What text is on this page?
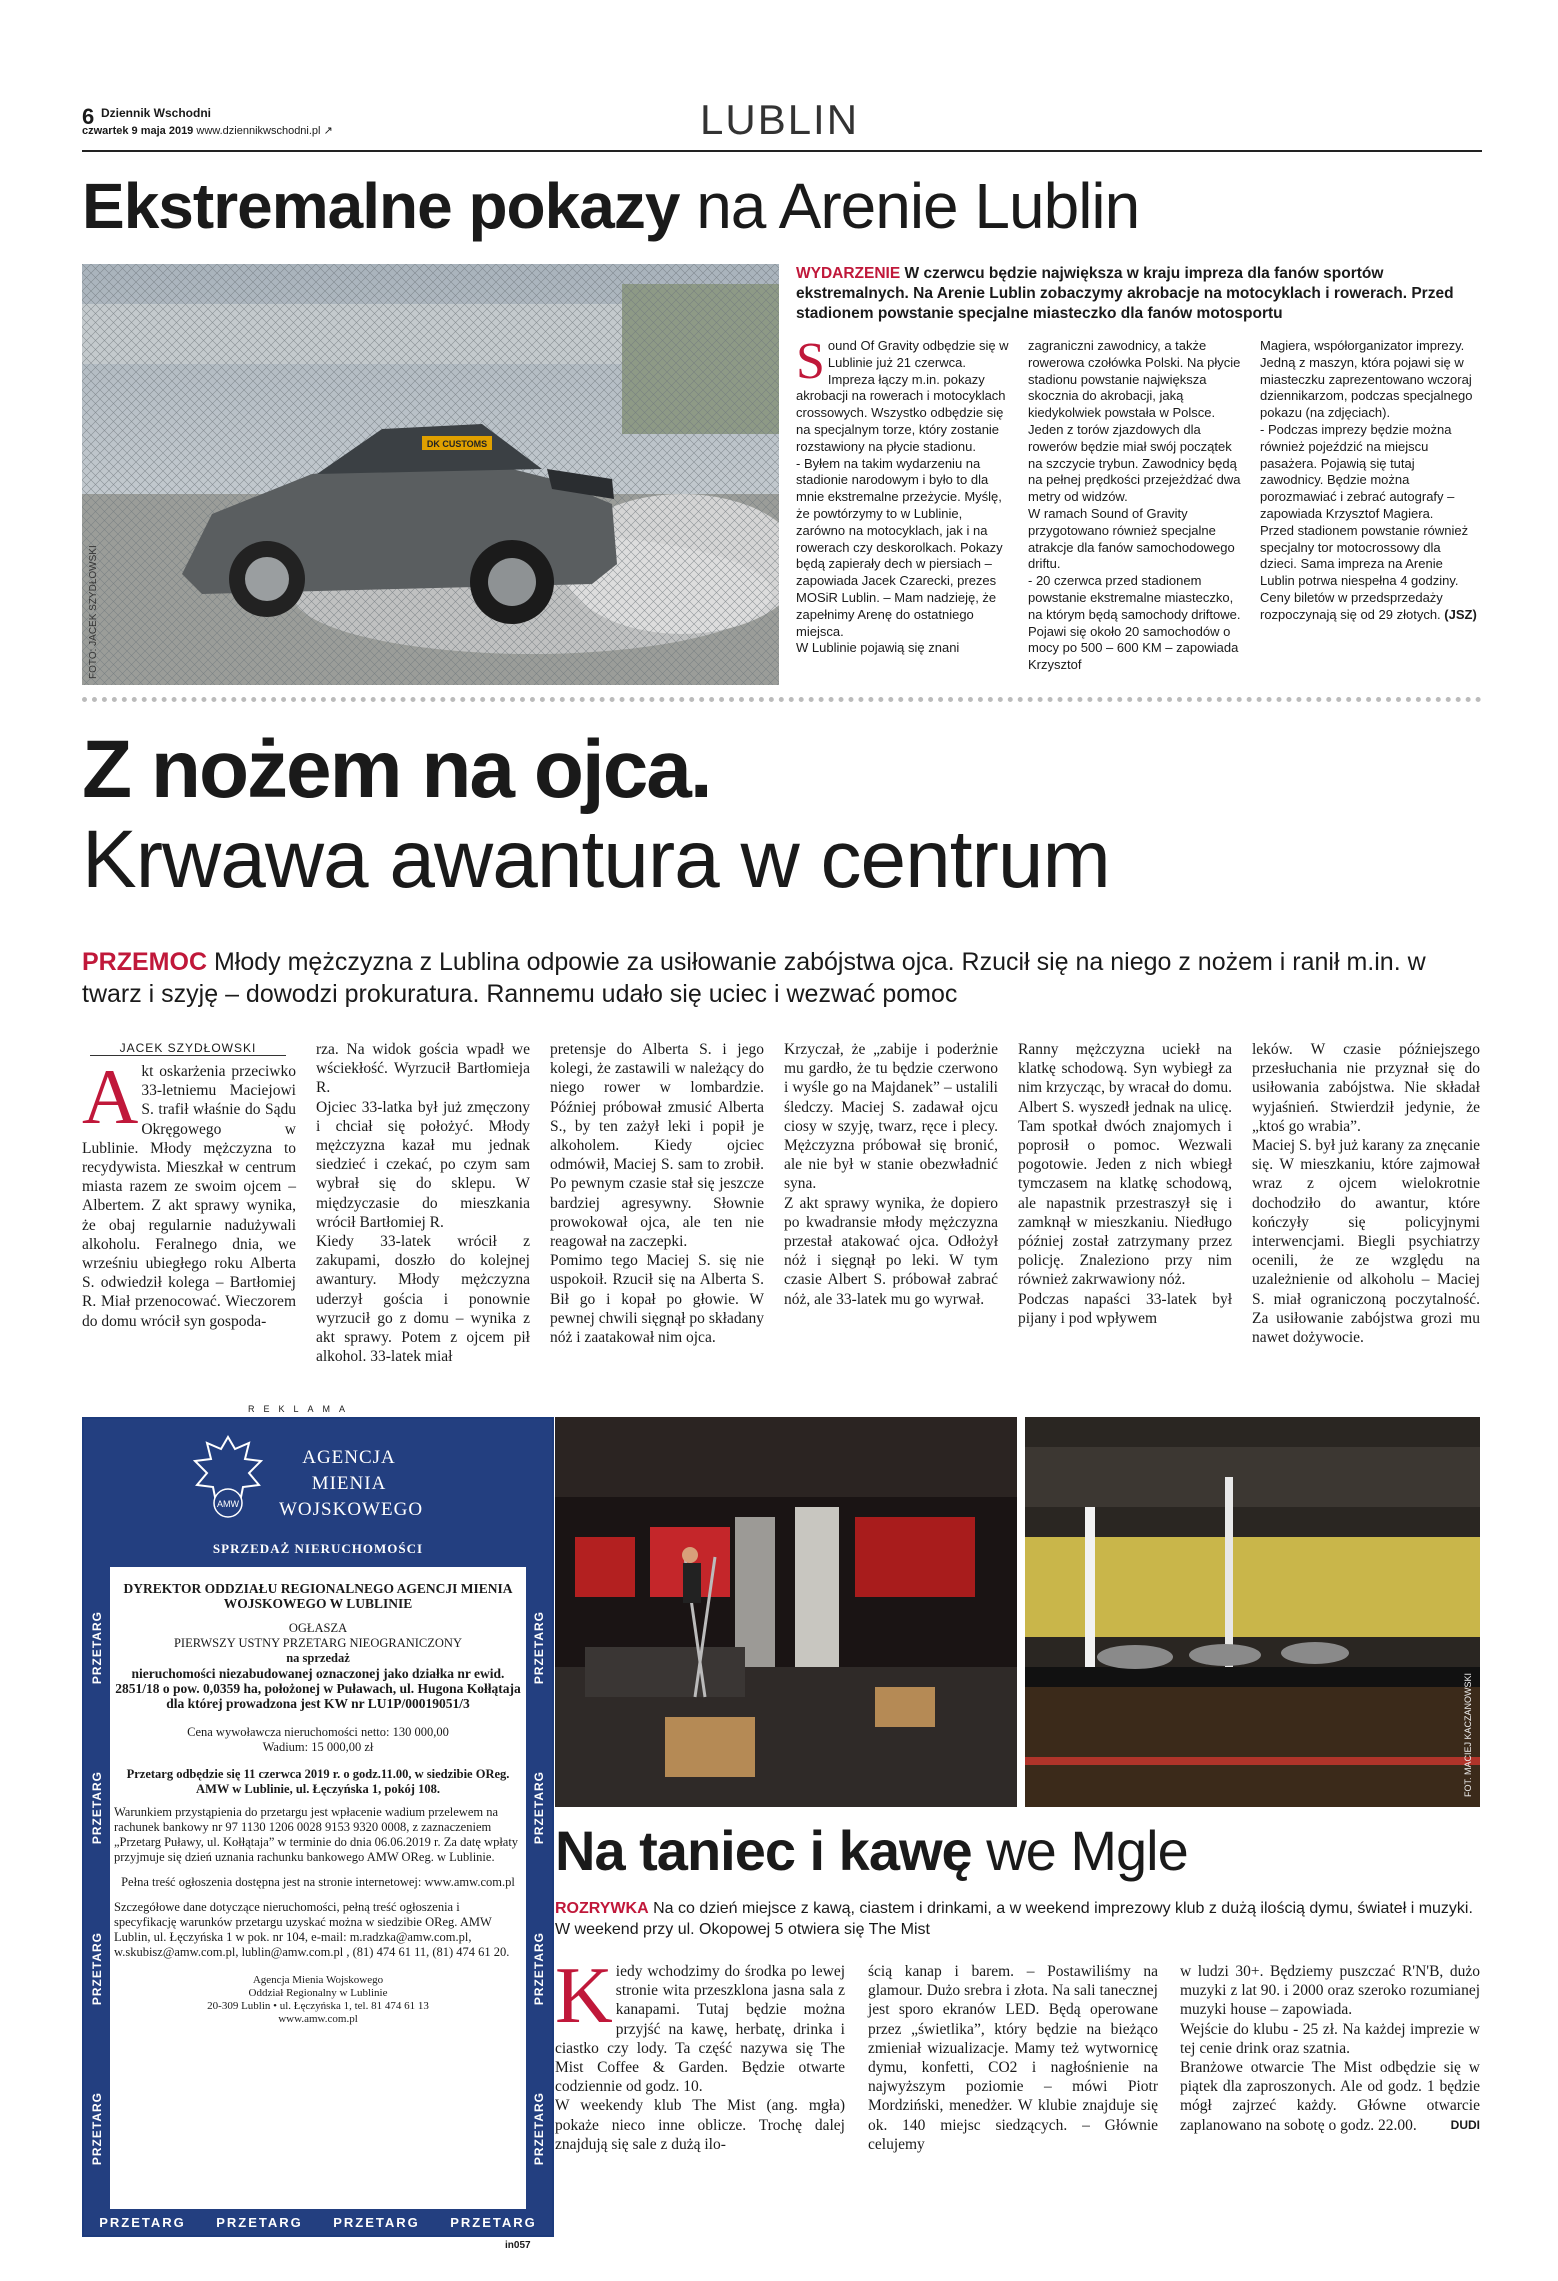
6 Dziennik Wschodni
czwartek 9 maja 2019 www.dziennikwschodni.pl ↗	LUBLIN
Ekstremalne pokazy na Arenie Lublin
DK CUSTOMS
FOTO: JACEK SZYDŁOWSKI
WYDARZENIE W czerwcu będzie największa w kraju impreza dla fanów sportów ekstremalnych. Na Arenie Lublin zobaczymy akrobacje na motocyklach i rowerach. Przed stadionem powstanie specjalne miasteczko dla fanów motosportu
S ound Of Gravity odbędzie się w Lublinie już 21 czerwca. Impreza łączy m.in. pokazy akrobacji na rowerach i motocyklach crossowych. Wszystko odbędzie się na specjalnym torze, który zostanie rozstawiony na płycie stadionu.
- Byłem na takim wydarzeniu na stadionie narodowym i było to dla mnie ekstremalne przeżycie. Myślę, że powtórzymy to w Lublinie, zarówno na motocyklach, jak i na rowerach czy deskorolkach. Pokazy będą zapierały dech w piersiach – zapowiada Jacek Czarecki, prezes MOSiR Lublin. – Mam nadzieję, że zapełnimy Arenę do ostatniego miejsca.
W Lublinie pojawią się znani
zagraniczni zawodnicy, a także rowerowa czołówka Polski. Na płycie stadionu powstanie największa skocznia do akrobacji, jaką kiedykolwiek powstała w Polsce. Jeden z torów zjazdowych dla rowerów będzie miał swój początek na szczycie trybun. Zawodnicy będą na pełnej prędkości przejeżdżać dwa metry od widzów.
W ramach Sound of Gravity przygotowano również specjalne atrakcje dla fanów samochodowego driftu.
- 20 czerwca przed stadionem powstanie ekstremalne miasteczko, na którym będą samochody driftowe. Pojawi się około 20 samochodów o mocy po 500 – 600 KM – zapowiada Krzysztof
Magiera, współorganizator imprezy. Jedną z maszyn, która pojawi się w miasteczku zaprezentowano wczoraj dziennikarzom, podczas specjalnego pokazu (na zdjęciach).
- Podczas imprezy będzie można również pojeździć na miejscu pasażera. Pojawią się tutaj zawodnicy. Będzie można porozmawiać i zebrać autografy – zapowiada Krzysztof Magiera.
Przed stadionem powstanie również specjalny tor motocrossowy dla dzieci. Sama impreza na Arenie Lublin potrwa niespełna 4 godziny. Ceny biletów w przedsprzedaży rozpoczynają się od 29 złotych. (JSZ)
Z nożem na ojca.
Krwawa awantura w centrum
PRZEMOC Młody mężczyzna z Lublina odpowie za usiłowanie zabójstwa ojca. Rzucił się na niego z nożem i ranił m.in. w twarz i szyję – dowodzi prokuratura. Rannemu udało się uciec i wezwać pomoc
JACEK SZYDŁOWSKI
A kt oskarżenia przeciwko 33-letniemu Maciejowi S. trafił właśnie do Sądu Okręgowego w Lublinie. Młody mężczyzna to recydywista. Mieszkał w centrum miasta razem ze swoim ojcem – Albertem. Z akt sprawy wynika, że obaj regularnie nadużywali alkoholu. Feralnego dnia, we wrześniu ubiegłego roku Alberta S. odwiedził kolega – Bartłomiej R. Miał przenocować. Wieczorem do domu wrócił syn gospoda-
rza. Na widok gościa wpadł we wściekłość. Wyrzucił Bartłomieja R.
Ojciec 33-latka był już zmęczony i chciał się położyć. Młody mężczyzna kazał mu jednak siedzieć i czekać, po czym sam wybrał się do sklepu. W międzyczasie do mieszkania wrócił Bartłomiej R.
Kiedy 33-latek wrócił z zakupami, doszło do kolejnej awantury. Młody mężczyzna uderzył gościa i ponownie wyrzucił go z domu – wynika z akt sprawy. Potem z ojcem pił alkohol. 33-latek miał
pretensje do Alberta S. i jego kolegi, że zastawili w należący do niego rower w lombardzie. Później próbował zmusić Alberta S., by ten zażył leki i popił je alkoholem. Kiedy ojciec odmówił, Maciej S. sam to zrobił. Po pewnym czasie stał się jeszcze bardziej agresywny. Słownie prowokował ojca, ale ten nie reagował na zaczepki.
Pomimo tego Maciej S. się nie uspokoił. Rzucił się na Alberta S. Bił go i kopał po głowie. W pewnej chwili sięgnął po składany nóż i zaatakował nim ojca.
Krzyczał, że „zabije i poderżnie mu gardło, że tu będzie czerwono i wyśle go na Majdanek” – ustalili śledczy. Maciej S. zadawał ojcu ciosy w szyję, twarz, ręce i plecy. Mężczyzna próbował się bronić, ale nie był w stanie obezwładnić syna.
Z akt sprawy wynika, że dopiero po kwadransie młody mężczyzna przestał atakować ojca. Odłożył nóż i sięgnął po leki. W tym czasie Albert S. próbował zabrać nóż, ale 33-latek mu go wyrwał.
Ranny mężczyzna uciekł na klatkę schodową. Syn wybiegł za nim krzycząc, by wracał do domu. Albert S. wyszedł jednak na ulicę. Tam spotkał dwóch znajomych i poprosił o pomoc. Wezwali pogotowie. Jeden z nich wbiegł tymczasem na klatkę schodową, ale napastnik przestraszył się i zamknął w mieszkaniu. Niedługo później został zatrzymany przez policję. Znaleziono przy nim również zakrwawiony nóż.
Podczas napaści 33-latek był pijany i pod wpływem
leków. W czasie późniejszego przesłuchania nie przyznał się do usiłowania zabójstwa. Nie składał wyjaśnień. Stwierdził jedynie, że „ktoś go wrabia”.
Maciej S. był już karany za znęcanie się. W mieszkaniu, które zajmował wraz z ojcem wielokrotnie dochodziło do awantur, które kończyły się policyjnymi interwencjami. Biegli psychiatrzy ocenili, że ze względu na uzależnienie od alkoholu – Maciej S. miał ograniczoną poczytalność. Za usiłowanie zabójstwa grozi mu nawet dożywocie.
REKLAMA
AMW
AGENCJA
MIENIA
WOJSKOWEGO
SPRZEDAŻ NIERUCHOMOŚCI
PRZETARG
PRZETARG
PRZETARG
PRZETARG
PRZETARG
PRZETARG
PRZETARG
PRZETARG
DYREKTOR ODDZIAŁU REGIONALNEGO AGENCJI MIENIA WOJSKOWEGO W LUBLINIE
OGŁASZA
PIERWSZY USTNY PRZETARG NIEOGRANICZONY
na sprzedaż
nieruchomości niezabudowanej oznaczonej jako działka nr ewid. 2851/18 o pow. 0,0359 ha, położonej w Puławach, ul. Hugona Kołłątaja dla której prowadzona jest KW nr LU1P/00019051/3
Cena wywoławcza nieruchomości netto: 130 000,00
Wadium: 15 000,00 zł
Przetarg odbędzie się 11 czerwca 2019 r. o godz.11.00, w siedzibie OReg. AMW w Lublinie, ul. Łęczyńska 1, pokój 108.
Warunkiem przystąpienia do przetargu jest wpłacenie wadium przelewem na rachunek bankowy nr 97 1130 1206 0028 9153 9320 0008, z zaznaczeniem „Przetarg Puławy, ul. Kołłątaja” w terminie do dnia 06.06.2019 r. Za datę wpłaty przyjmuje się dzień uznania rachunku bankowego AMW OReg. w Lublinie.
Pełna treść ogłoszenia dostępna jest na stronie internetowej: www.amw.com.pl
Szczegółowe dane dotyczące nieruchomości, pełną treść ogłoszenia i specyfikację warunków przetargu uzyskać można w siedzibie OReg. AMW Lublin, ul. Łęczyńska 1 w pok. nr 104, e-mail: m.radzka@amw.com.pl, w.skubisz@amw.com.pl, lublin@amw.com.pl , (81) 474 61 11, (81) 474 61 20.
Agencja Mienia Wojskowego
Oddział Regionalny w Lublinie
20-309 Lublin • ul. Łęczyńska 1, tel. 81 474 61 13
www.amw.com.pl
PRZETARG PRZETARG PRZETARG PRZETARG
in057
FOT. MACIEJ KACZANOWSKI
Na taniec i kawę we Mgle
ROZRYWKA Na co dzień miejsce z kawą, ciastem i drinkami, a w weekend imprezowy klub z dużą ilością dymu, świateł i muzyki. W weekend przy ul. Okopowej 5 otwiera się The Mist
K iedy wchodzimy do środka po lewej stronie wita przeszklona jasna sala z kanapami. Tutaj będzie można przyjść na kawę, herbatę, drinka i ciastko czy lody. Ta część nazywa się The Mist Coffee & Garden. Będzie otwarte codziennie od godz. 10.
W weekendy klub The Mist (ang. mgła) pokaże nieco inne oblicze. Trochę dalej znajdują się sale z dużą ilo-
ścią kanap i barem. – Postawiliśmy na glamour. Dużo srebra i złota. Na sali tanecznej jest sporo ekranów LED. Będą operowane przez „świetlika”, który będzie na bieżąco zmieniał wizualizacje. Mamy też wytwornicę dymu, konfetti, CO2 i nagłośnienie na najwyższym poziomie – mówi Piotr Mordziński, menedżer. W klubie znajduje się ok. 140 miejsc siedzących. – Głównie celujemy
w ludzi 30+. Będziemy puszczać R'N'B, dużo muzyki z lat 90. i 2000 oraz szeroko rozumianej muzyki house – zapowiada.
Wejście do klubu - 25 zł. Na każdej imprezie w tej cenie drink oraz szatnia.
Branżowe otwarcie The Mist odbędzie się w piątek dla zaproszonych. Ale od godz. 1 będzie mógł zajrzeć każdy. Główne otwarcie zaplanowano na sobotę o godz. 22.00.	DUDI
